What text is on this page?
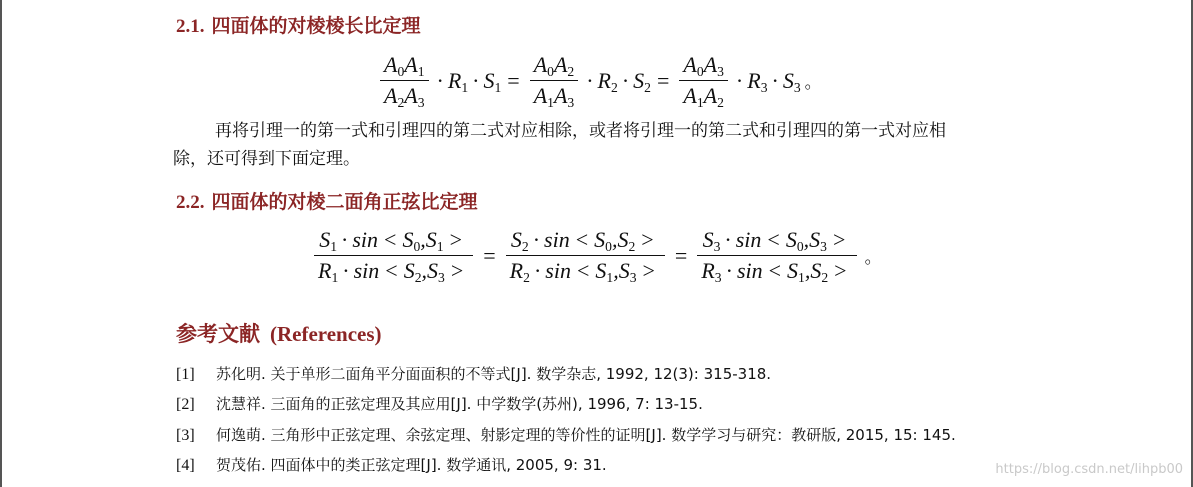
2.1. 四面体的对棱棱长比定理
$\frac{A_0A_1}{A_2A_3} \cdot R_1 \cdot S_1 = \frac{A_0A_2}{A_1A_3} \cdot R_2 \cdot S_2 = \frac{A_0A_3}{A_1A_2} \cdot R_3 \cdot S_3$ 。
再将引理一的第一式和引理四的第二式对应相除，或者将引理一的第二式和引理四的第一式对应相
除，还可得到下面定理。
2.2. 四面体的对棱二面角正弦比定理
$\frac{S_1 \cdot \sin < S_0,S_1 >}{R_1 \cdot \sin < S_2,S_3 >} = \frac{S_2 \cdot \sin < S_0,S_2 >}{R_2 \cdot \sin < S_1,S_3 >} = \frac{S_3 \cdot \sin < S_0,S_3 >}{R_3 \cdot \sin < S_1,S_2 >}$ 。
参考文献 (References)
[1] 苏化明. 关于单形二面角平分面面积的不等式[J]. 数学杂志, 1992, 12(3): 315-318.
[2] 沈慧祥. 三面角的正弦定理及其应用[J]. 中学数学(苏州), 1996, 7: 13-15.
[3] 何逸萌. 三角形中正弦定理、余弦定理、射影定理的等价性的证明[J]. 数学学习与研究：教研版, 2015, 15: 145.
[4] 贺茂佑. 四面体中的类正弦定理[J]. 数学通讯, 2005, 9: 31.	https://blog.csdn.net/lihpb00
